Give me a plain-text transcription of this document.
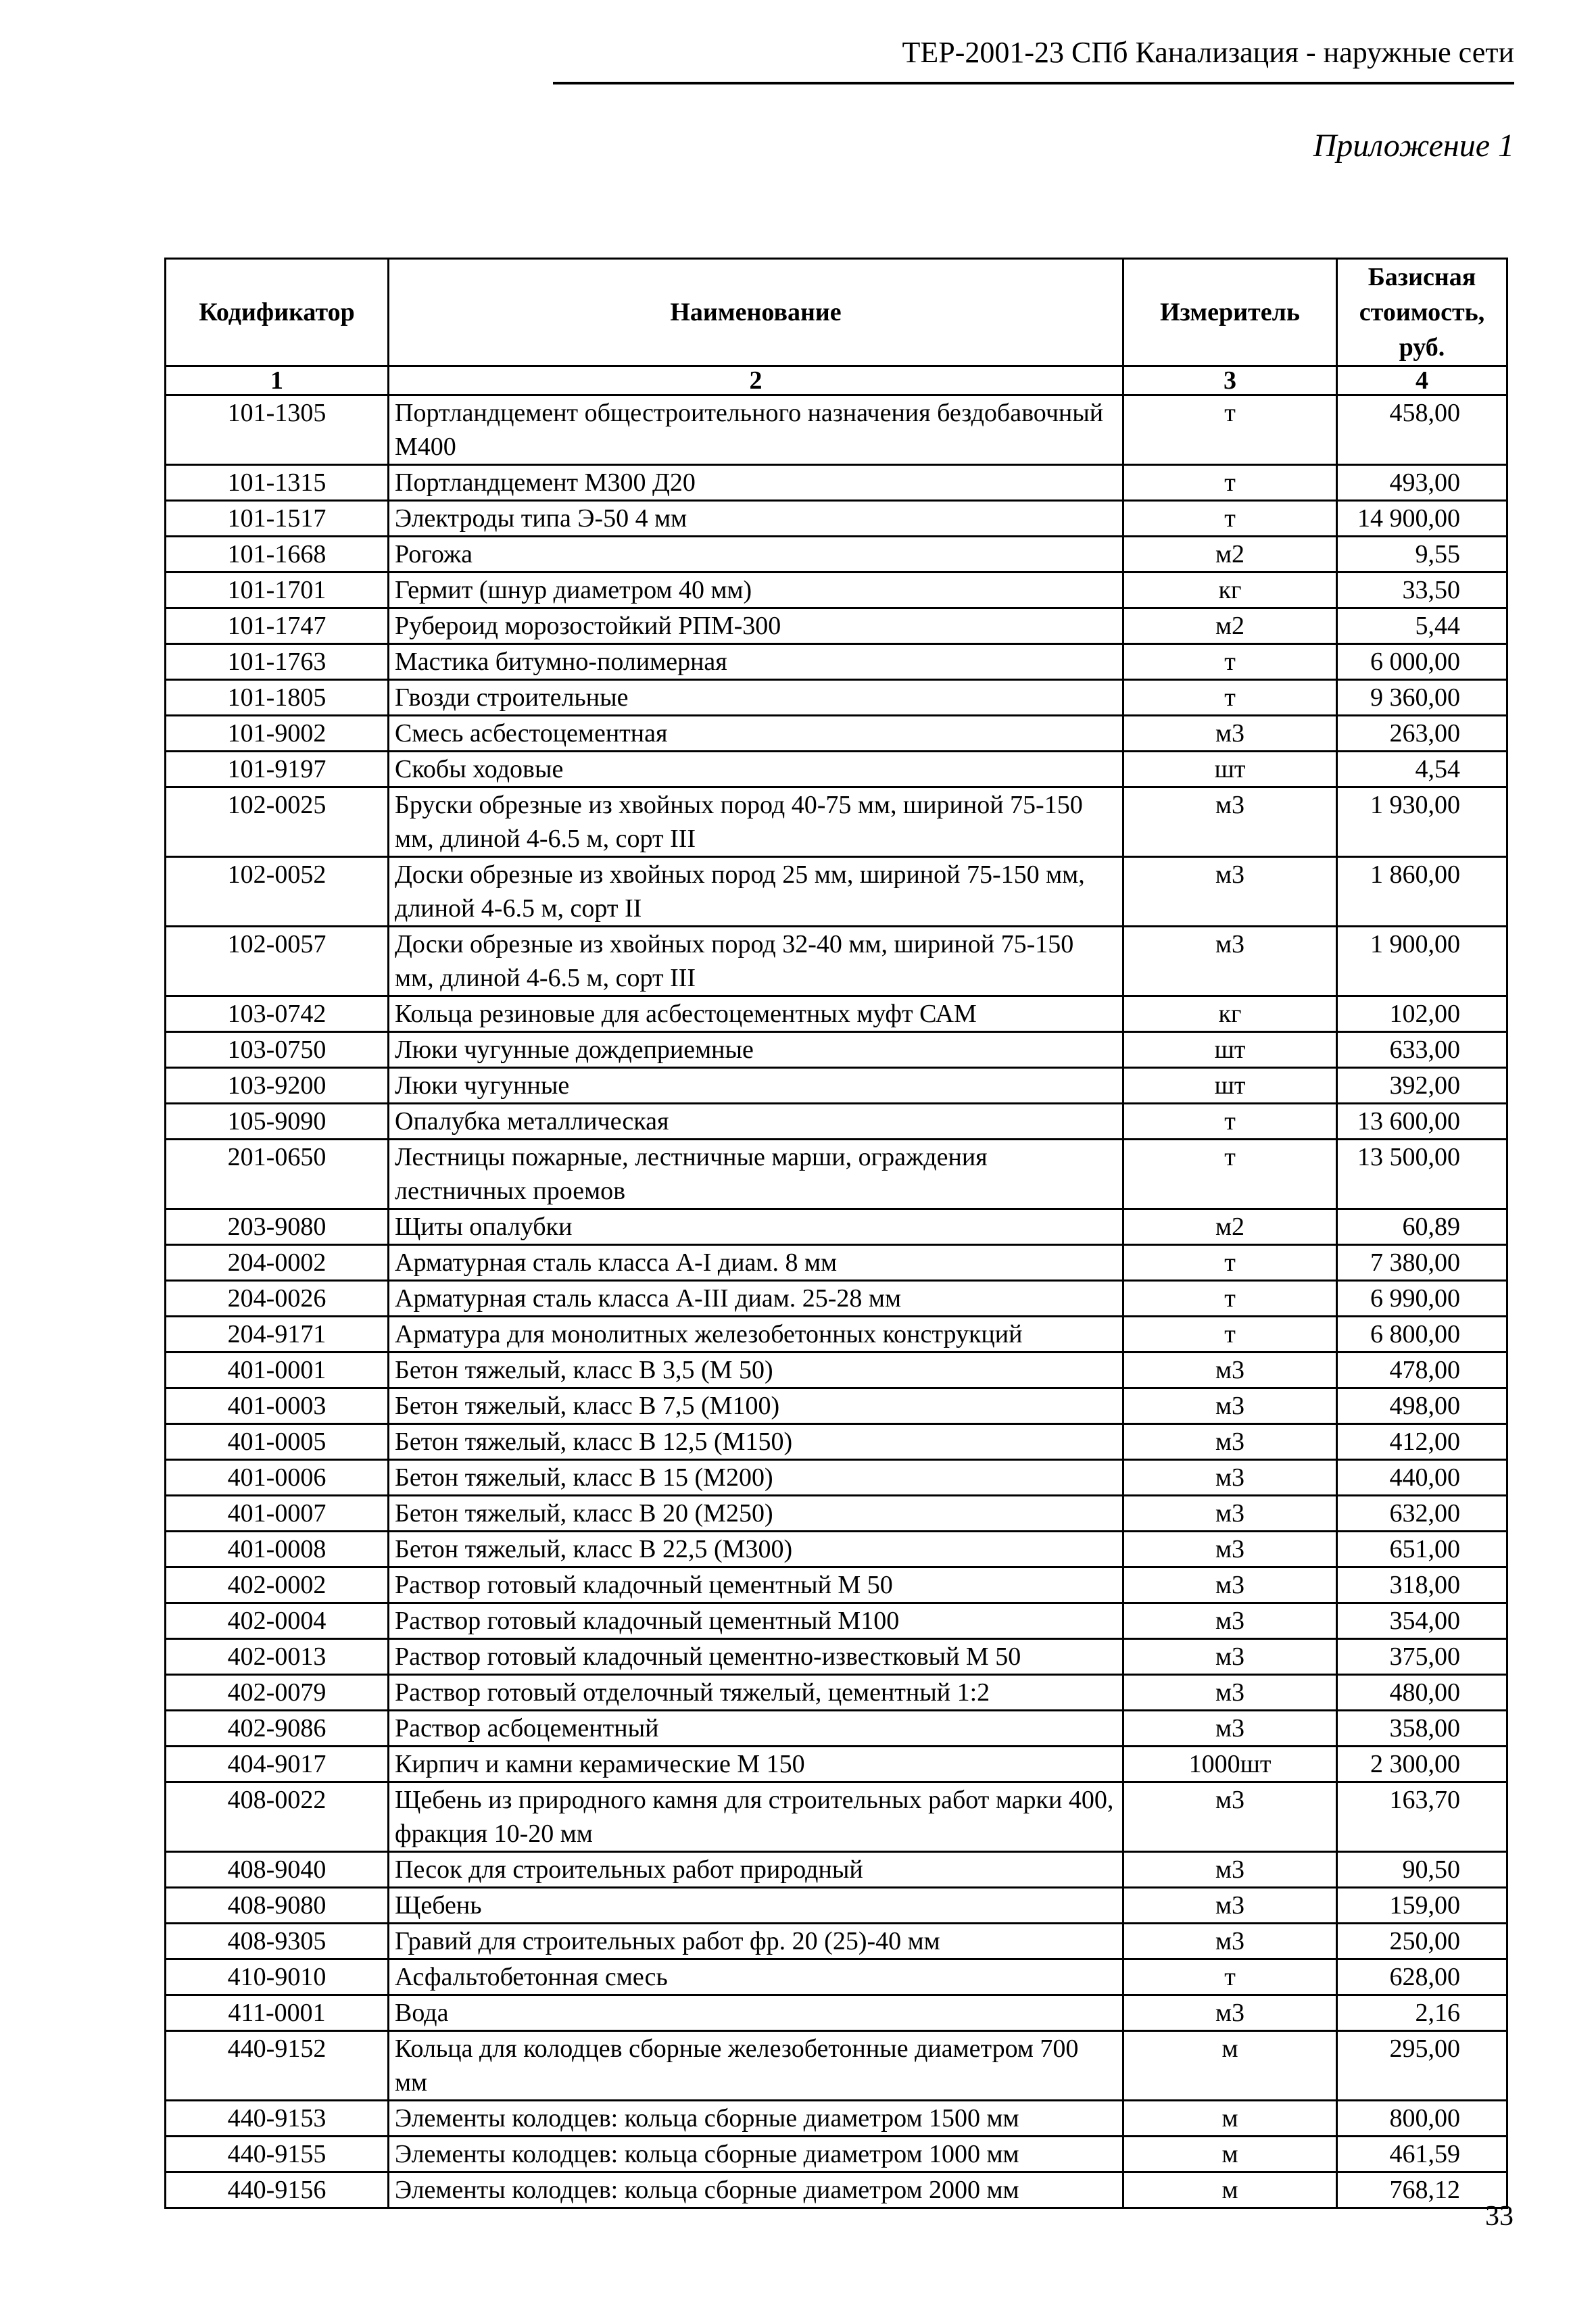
ТЕР-2001-23 СПб Канализация - наружные сети
Приложение 1
Кодификатор	Наименование	Измеритель	Базисная стоимость, руб.
1	2	3	4
101-1305	Портландцемент общестроительного назначения бездобавочный М400	т	458,00
101-1315	Портландцемент М300 Д20	т	493,00
101-1517	Электроды типа Э-50 4 мм	т	14 900,00
101-1668	Рогожа	м2	9,55
101-1701	Гермит (шнур диаметром 40 мм)	кг	33,50
101-1747	Рубероид морозостойкий РПМ-300	м2	5,44
101-1763	Мастика битумно-полимерная	т	6 000,00
101-1805	Гвозди строительные	т	9 360,00
101-9002	Смесь асбестоцементная	м3	263,00
101-9197	Скобы ходовые	шт	4,54
102-0025	Бруски обрезные из хвойных пород 40-75 мм, шириной 75-150 мм, длиной 4-6.5 м, сорт III	м3	1 930,00
102-0052	Доски обрезные из хвойных пород 25 мм, шириной 75-150 мм, длиной 4-6.5 м, сорт II	м3	1 860,00
102-0057	Доски обрезные из хвойных пород 32-40 мм, шириной 75-150 мм, длиной 4-6.5 м, сорт III	м3	1 900,00
103-0742	Кольца резиновые для асбестоцементных муфт САМ	кг	102,00
103-0750	Люки чугунные дождеприемные	шт	633,00
103-9200	Люки чугунные	шт	392,00
105-9090	Опалубка металлическая	т	13 600,00
201-0650	Лестницы пожарные, лестничные марши, ограждения лестничных проемов	т	13 500,00
203-9080	Щиты опалубки	м2	60,89
204-0002	Арматурная сталь класса А-I диам. 8 мм	т	7 380,00
204-0026	Арматурная сталь класса А-III диам. 25-28 мм	т	6 990,00
204-9171	Арматура для монолитных железобетонных конструкций	т	6 800,00
401-0001	Бетон тяжелый, класс В 3,5 (М 50)	м3	478,00
401-0003	Бетон тяжелый, класс В 7,5 (М100)	м3	498,00
401-0005	Бетон тяжелый, класс В 12,5 (М150)	м3	412,00
401-0006	Бетон тяжелый, класс В 15 (М200)	м3	440,00
401-0007	Бетон тяжелый, класс В 20 (М250)	м3	632,00
401-0008	Бетон тяжелый, класс В 22,5 (М300)	м3	651,00
402-0002	Раствор готовый кладочный цементный М 50	м3	318,00
402-0004	Раствор готовый кладочный цементный М100	м3	354,00
402-0013	Раствор готовый кладочный цементно-известковый М 50	м3	375,00
402-0079	Раствор готовый отделочный тяжелый, цементный 1:2	м3	480,00
402-9086	Раствор асбоцементный	м3	358,00
404-9017	Кирпич и камни керамические М 150	1000шт	2 300,00
408-0022	Щебень из природного камня для строительных работ марки 400, фракция 10-20 мм	м3	163,70
408-9040	Песок для строительных работ природный	м3	90,50
408-9080	Щебень	м3	159,00
408-9305	Гравий для строительных работ фр. 20 (25)-40 мм	м3	250,00
410-9010	Асфальтобетонная смесь	т	628,00
411-0001	Вода	м3	2,16
440-9152	Кольца для колодцев сборные железобетонные диаметром 700 мм	м	295,00
440-9153	Элементы колодцев: кольца сборные диаметром 1500 мм	м	800,00
440-9155	Элементы колодцев: кольца сборные диаметром 1000 мм	м	461,59
440-9156	Элементы колодцев: кольца сборные диаметром 2000 мм	м	768,12
33
